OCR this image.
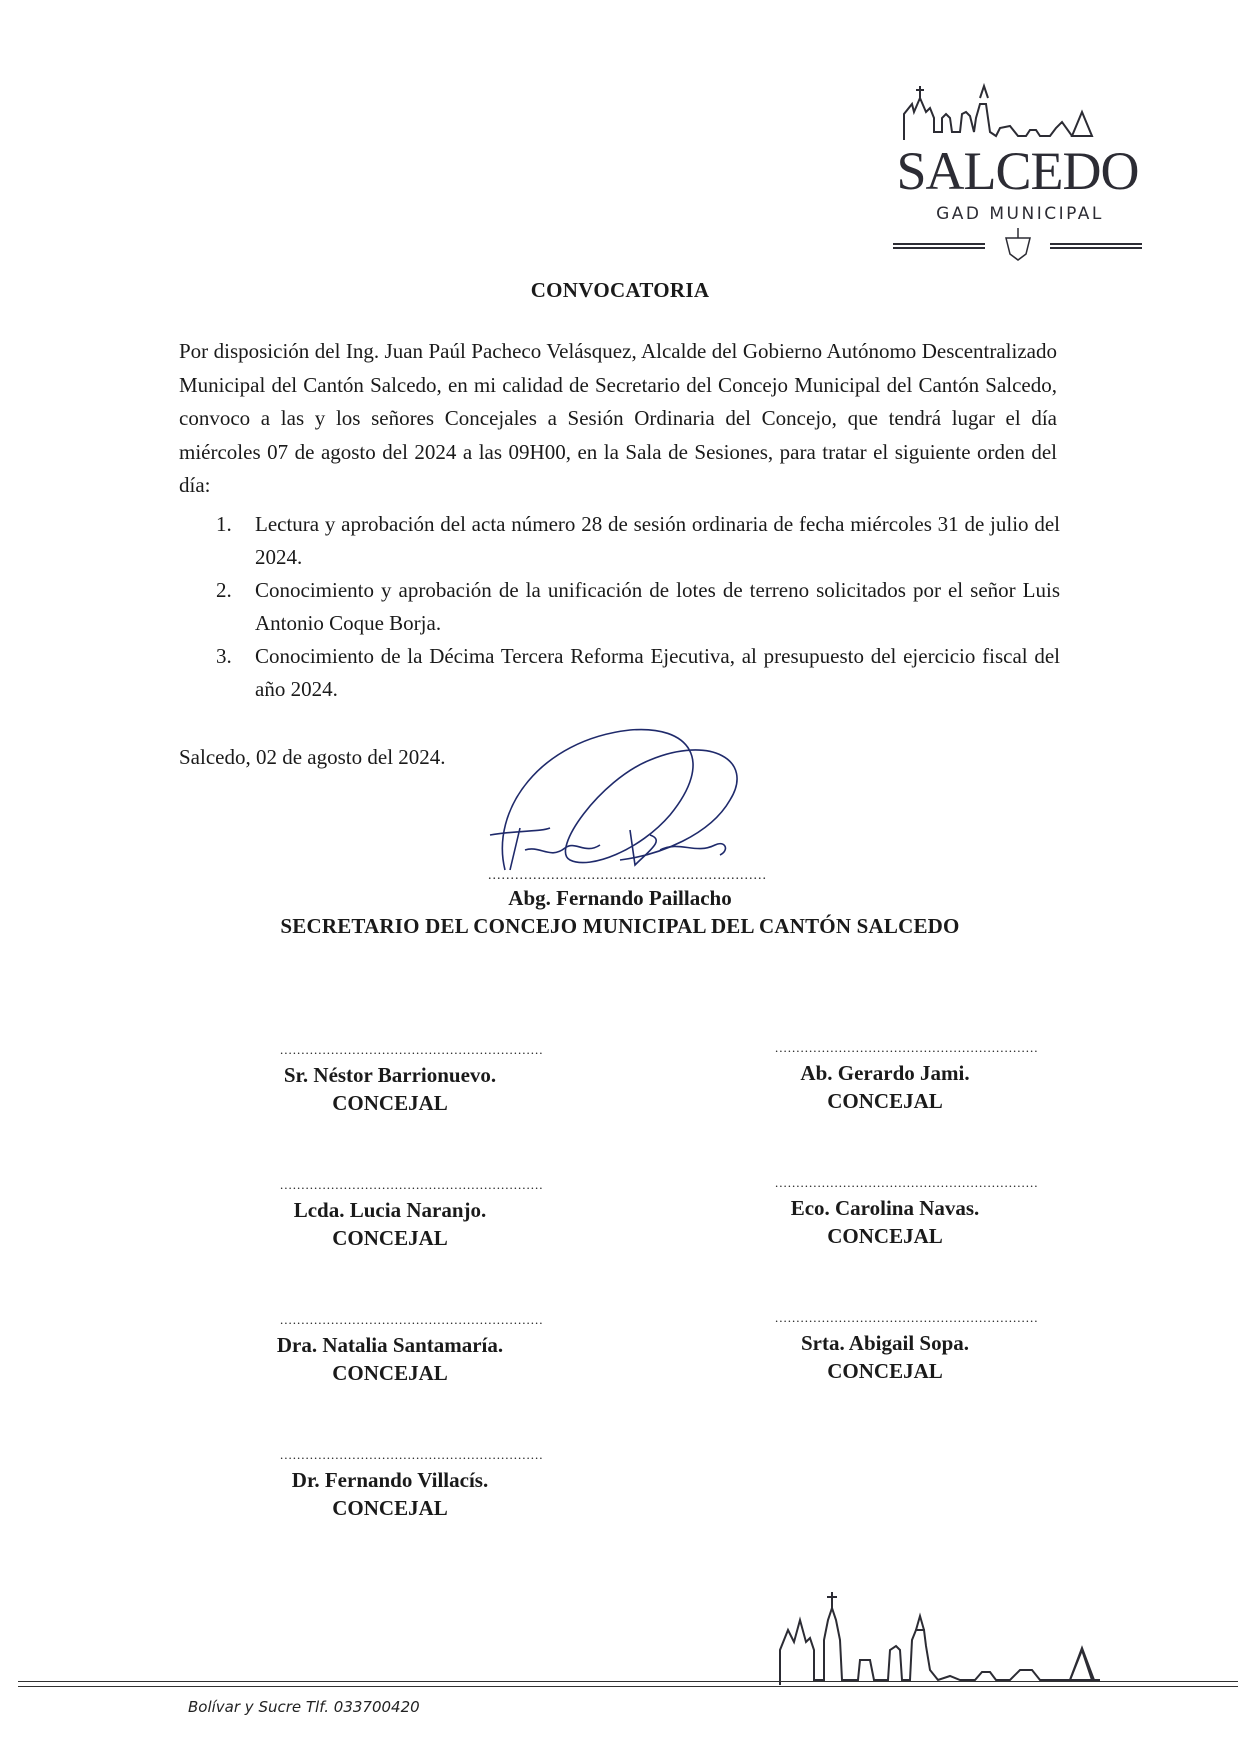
SALCEDO
GAD MUNICIPAL
CONVOCATORIA
Por disposición del Ing. Juan Paúl Pacheco Velásquez, Alcalde del Gobierno Autónomo Descentralizado Municipal del Cantón Salcedo, en mi calidad de Secretario del Concejo Municipal del Cantón Salcedo, convoco a las y los señores Concejales a Sesión Ordinaria del Concejo, que tendrá lugar el día miércoles 07 de agosto del 2024 a las 09H00, en la Sala de Sesiones, para tratar el siguiente orden del día:
1. Lectura y aprobación del acta número 28 de sesión ordinaria de fecha miércoles 31 de julio del 2024.
2. Conocimiento y aprobación de la unificación de lotes de terreno solicitados por el señor Luis Antonio Coque Borja.
3. Conocimiento de la Décima Tercera Reforma Ejecutiva, al presupuesto del ejercicio fiscal del año 2024.
Salcedo, 02 de agosto del 2024.
..............................................................
Abg. Fernando Paillacho
SECRETARIO DEL CONCEJO MUNICIPAL DEL CANTÓN SALCEDO
..............................................................
Sr. Néstor Barrionuevo.
CONCEJAL
..............................................................
Ab. Gerardo Jami.
CONCEJAL
..............................................................
Lcda. Lucia Naranjo.
CONCEJAL
..............................................................
Eco. Carolina Navas.
CONCEJAL
..............................................................
Dra. Natalia Santamaría.
CONCEJAL
..............................................................
Srta. Abigail Sopa.
CONCEJAL
..............................................................
Dr. Fernando Villacís.
CONCEJAL
Bolívar y Sucre Tlf. 033700420
